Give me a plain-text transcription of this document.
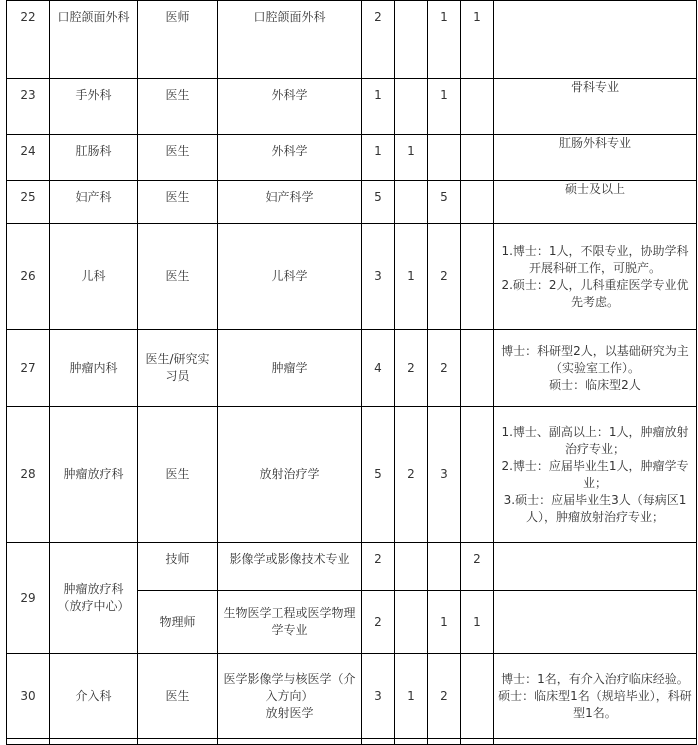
22	口腔颌面外科	医师	口腔颌面外科	2		1	1	
23	手外科	医生	外科学	1		1		骨科专业

24	肛肠科	医生	外科学	1	1			肛肠外科专业

25	妇产科	医生	妇产科学	5		5		硕士及以上

26	儿科	医生	儿科学	3	1	2		1.博士：1人，不限专业，协助学科开展科研工作，可脱产。
2.硕士：2人，儿科重症医学专业优先考虑。

27	肿瘤内科	医生/研究实习员	肿瘤学	4	2	2		博士：科研型2人，以基础研究为主（实验室工作）。
硕士：临床型2人

28	肿瘤放疗科	医生	放射治疗学	5	2	3		1.博士、副高以上：1人，肿瘤放射治疗专业；
2.博士：应届毕业生1人，肿瘤学专业；
3.硕士：应届毕业生3人（每病区1人），肿瘤放射治疗专业；

29	肿瘤放疗科（放疗中心）	技师	影像学或影像技术专业	2			2	
		物理师	生物医学工程或医学物理学专业	2		1	1	
30	介入科	医生	医学影像学与核医学（介入方向）
放射医学	3	1	2		博士：1名，有介入治疗临床经验。
硕士：临床型1名（规培毕业），科研型1名。
